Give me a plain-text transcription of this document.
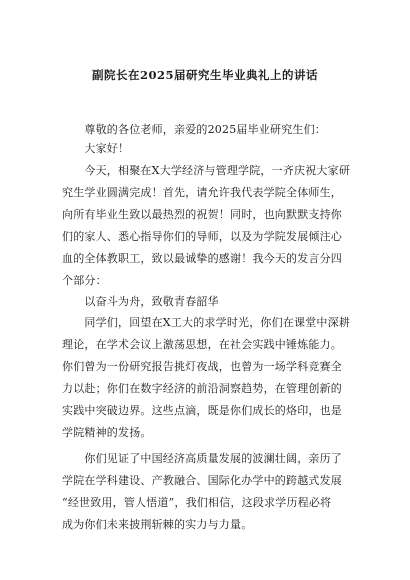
副院长在2025届研究生毕业典礼上的讲话
　　尊敬的各位老师，亲爱的2025届毕业研究生们：
　　大家好！
　　今天，相聚在X大学经济与管理学院，一齐庆祝大家研
究生学业圆满完成！首先，请允许我代表学院全体师生，
向所有毕业生致以最热烈的祝贺！同时，也向默默支持你
们的家人、悉心指导你们的导师，以及为学院发展倾注心
血的全体教职工，致以最诚挚的感谢！我今天的发言分四
个部分：
　　以奋斗为舟，致敬青春韶华
　　同学们，回望在X工大的求学时光，你们在课堂中深耕
理论，在学术会议上激荡思想，在社会实践中锤炼能力。
你们曾为一份研究报告挑灯夜战，也曾为一场学科竞赛全
力以赴；你们在数字经济的前沿洞察趋势，在管理创新的
实践中突破边界。这些点滴，既是你们成长的烙印，也是
学院精神的发扬。
　　你们见证了中国经济高质量发展的波澜壮阔，亲历了
学院在学科建设、产教融合、国际化办学中的跨越式发展
“经世致用，管人悟道”，我们相信，这段求学历程必将
成为你们未来披荆斩棘的实力与力量。
